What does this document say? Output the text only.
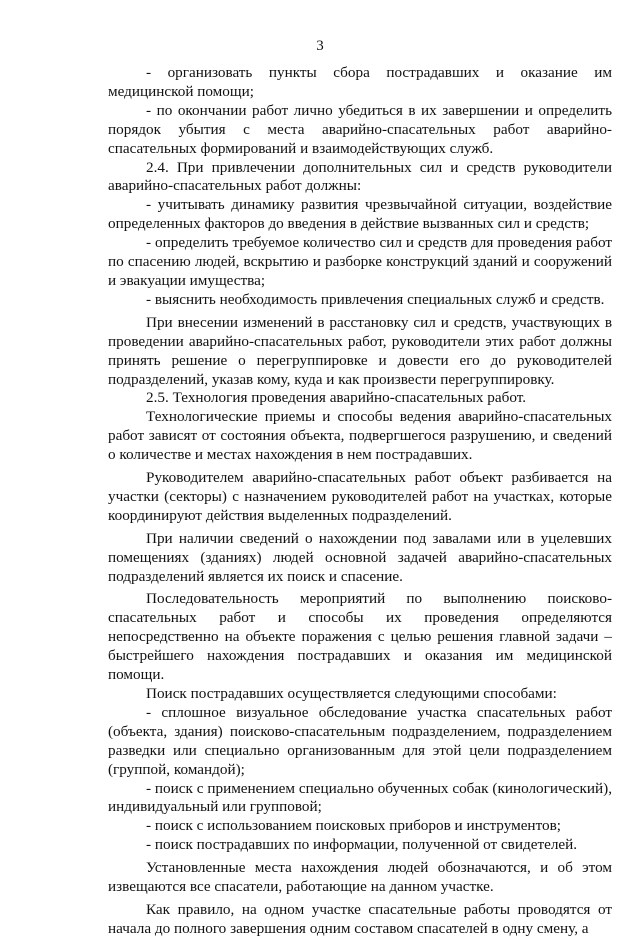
3

- организовать пункты сбора пострадавших и оказание им медицинской помощи;

- по окончании работ лично убедиться в их завершении и определить порядок убытия с места аварийно-спасательных работ аварийно-спасательных формирований и взаимодействующих служб.

2.4. При привлечении дополнительных сил и средств руководители аварийно-спасательных работ должны:

- учитывать динамику развития чрезвычайной ситуации, воздействие определенных факторов до введения в действие вызванных сил и средств;

- определить требуемое количество сил и средств для проведения работ по спасению людей, вскрытию и разборке конструкций зданий и сооружений и эвакуации имущества;

- выяснить необходимость привлечения специальных служб и средств.

При внесении изменений в расстановку сил и средств, участвующих в проведении аварийно-спасательных работ, руководители этих работ должны принять решение о перегруппировке и довести его до руководителей подразделений, указав кому, куда и как произвести перегруппировку.

2.5. Технология проведения аварийно-спасательных работ.

Технологические приемы и способы ведения аварийно-спасательных работ зависят от состояния объекта, подвергшегося разрушению, и сведений о количестве и местах нахождения в нем пострадавших.

Руководителем аварийно-спасательных работ объект разбивается на участки (секторы) с назначением руководителей работ на участках, которые координируют действия выделенных подразделений.

При наличии сведений о нахождении под завалами или в уцелевших помещениях (зданиях) людей основной задачей аварийно-спасательных подразделений является их поиск и спасение.

Последовательность мероприятий по выполнению поисково-спасательных работ и способы их проведения определяются непосредственно на объекте поражения с целью решения главной задачи – быстрейшего нахождения пострадавших и оказания им медицинской помощи.

Поиск пострадавших осуществляется следующими способами:

- сплошное визуальное обследование участка спасательных работ (объекта, здания) поисково-спасательным подразделением, подразделением разведки или специально организованным для этой цели подразделением (группой, командой);

- поиск с применением специально обученных собак (кинологический), индивидуальный или групповой;

- поиск с использованием поисковых приборов и инструментов;

- поиск пострадавших по информации, полученной от свидетелей.

Установленные места нахождения людей обозначаются, и об этом извещаются все спасатели, работающие на данном участке.

Как правило, на одном участке спасательные работы проводятся от начала до полного завершения одним составом спасателей в одну смену, а
